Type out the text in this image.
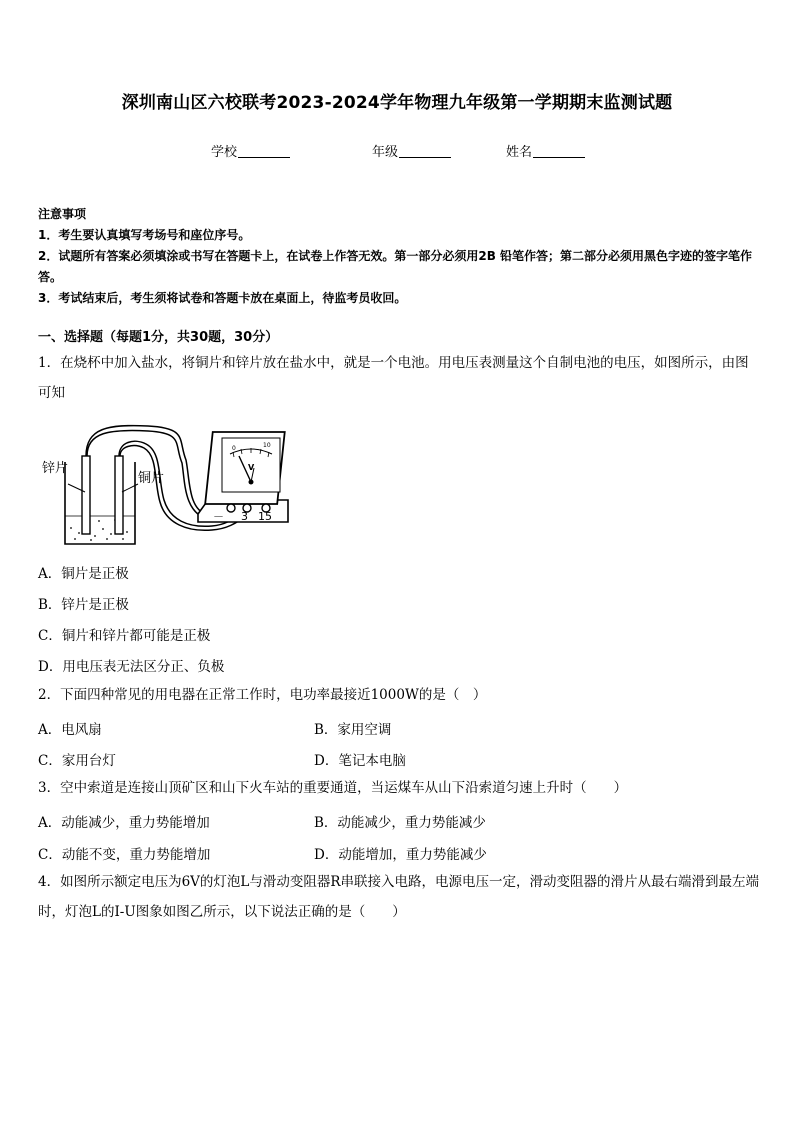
深圳南山区六校联考2023-2024学年物理九年级第一学期期末监测试题
学校	年级	姓名
注意事项

1．考生要认真填写考场号和座位序号。

2．试题所有答案必须填涂或书写在答题卡上，在试卷上作答无效。第一部分必须用2B 铅笔作答；第二部分必须用黑色字迹的签字笔作答。

3．考试结束后，考生须将试卷和答题卡放在桌面上，待监考员收回。

一、选择题（每题1分，共30题，30分）
1．在烧杯中加入盐水，将铜片和锌片放在盐水中，就是一个电池。用电压表测量这个自制电池的电压，如图所示，由图可知
锌片
铜片
0	10
V
－ 3 15
A．铜片是正极
B．锌片是正极
C．铜片和锌片都可能是正极
D．用电压表无法区分正、负极
2．下面四种常见的用电器在正常工作时，电功率最接近1000W的是（　）
A．电风扇	B．家用空调
C．家用台灯	D．笔记本电脑
3．空中索道是连接山顶矿区和山下火车站的重要通道，当运煤车从山下沿索道匀速上升时（　　）
A．动能减少，重力势能增加	B．动能减少，重力势能减少
C．动能不变，重力势能增加	D．动能增加，重力势能减少
4．如图所示额定电压为6V的灯泡L与滑动变阻器R串联接入电路，电源电压一定，滑动变阻器的滑片从最右端滑到最左端时，灯泡L的I-U图象如图乙所示，以下说法正确的是（　　）
